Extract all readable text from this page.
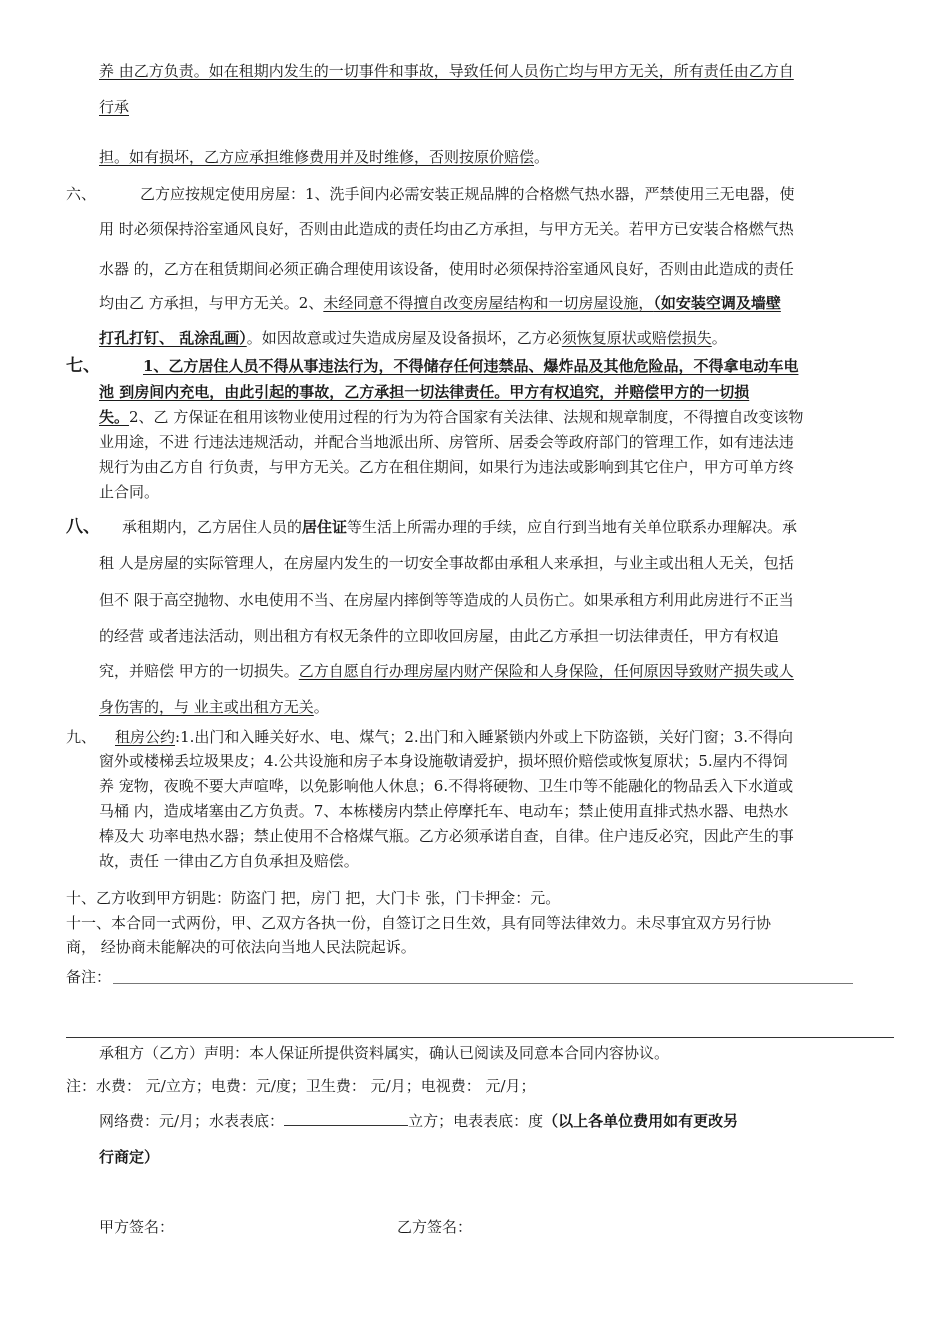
养 由乙方负责。如在租期内发生的一切事件和事故，导致任何人员伤亡均与甲方无关，所有责任由乙方自
行承
担。如有损坏，乙方应承担维修费用并及时维修，否则按原价赔偿。
六、	乙方应按规定使用房屋：1、洗手间内必需安装正规品牌的合格燃气热水器，严禁使用三无电器，使
用 时必须保持浴室通风良好，否则由此造成的责任均由乙方承担，与甲方无关。若甲方已安装合格燃气热
水器 的，乙方在租赁期间必须正确合理使用该设备，使用时必须保持浴室通风良好，否则由此造成的责任
均由乙 方承担，与甲方无关。2、未经同意不得擅自改变房屋结构和一切房屋设施，（如安装空调及墙壁
打孔打钉、 乱涂乱画）。如因故意或过失造成房屋及设备损坏，乙方必须恢复原状或赔偿损失。
七、	1、乙方居住人员不得从事违法行为，不得储存任何违禁品、爆炸品及其他危险品，不得拿电动车电
池 到房间内充电，由此引起的事故，乙方承担一切法律责任。甲方有权追究，并赔偿甲方的一切损
失。2、乙 方保证在租用该物业使用过程的行为为符合国家有关法律、法规和规章制度，不得擅自改变该物
业用途，不进 行违法违规活动，并配合当地派出所、房管所、居委会等政府部门的管理工作，如有违法违
规行为由乙方自 行负责，与甲方无关。乙方在租住期间，如果行为违法或影响到其它住户，甲方可单方终
止合同。
八、 承租期内，乙方居住人员的居住证等生活上所需办理的手续，应自行到当地有关单位联系办理解决。承
租 人是房屋的实际管理人，在房屋内发生的一切安全事故都由承租人来承担，与业主或出租人无关，包括
但不 限于高空抛物、水电使用不当、在房屋内摔倒等等造成的人员伤亡。如果承租方利用此房进行不正当
的经营 或者违法活动，则出租方有权无条件的立即收回房屋，由此乙方承担一切法律责任，甲方有权追
究，并赔偿 甲方的一切损失。乙方自愿自行办理房屋内财产保险和人身保险，任何原因导致财产损失或人
身伤害的，与 业主或出租方无关。
九、 租房公约:1.出门和入睡关好水、电、煤气；2.出门和入睡紧锁内外或上下防盗锁，关好门窗；3.不得向
窗外或楼梯丢垃圾果皮；4.公共设施和房子本身设施敬请爱护，损坏照价赔偿或恢复原状；5.屋内不得饲
养 宠物，夜晚不要大声喧哗，以免影响他人休息；6.不得将硬物、卫生巾等不能融化的物品丢入下水道或
马桶 内，造成堵塞由乙方负责。7、本栋楼房内禁止停摩托车、电动车；禁止使用直排式热水器、电热水
棒及大 功率电热水器；禁止使用不合格煤气瓶。乙方必须承诺自查，自律。住户违反必究，因此产生的事
故，责任 一律由乙方自负承担及赔偿。
十、乙方收到甲方钥匙：防盗门 把，房门 把，大门卡 张，门卡押金：元。
十一、本合同一式两份，甲、乙双方各执一份，自签订之日生效，具有同等法律效力。未尽事宜双方另行协
商， 经协商未能解决的可依法向当地人民法院起诉。
备注：
承租方（乙方）声明：本人保证所提供资料属实，确认已阅读及同意本合同内容协议。
注：水费： 元/立方；电费：元/度；卫生费： 元/月；电视费： 元/月；
网络费：元/月；水表表底：	立方；电表表底：度（以上各单位费用如有更改另
行商定）
甲方签名：	乙方签名：
